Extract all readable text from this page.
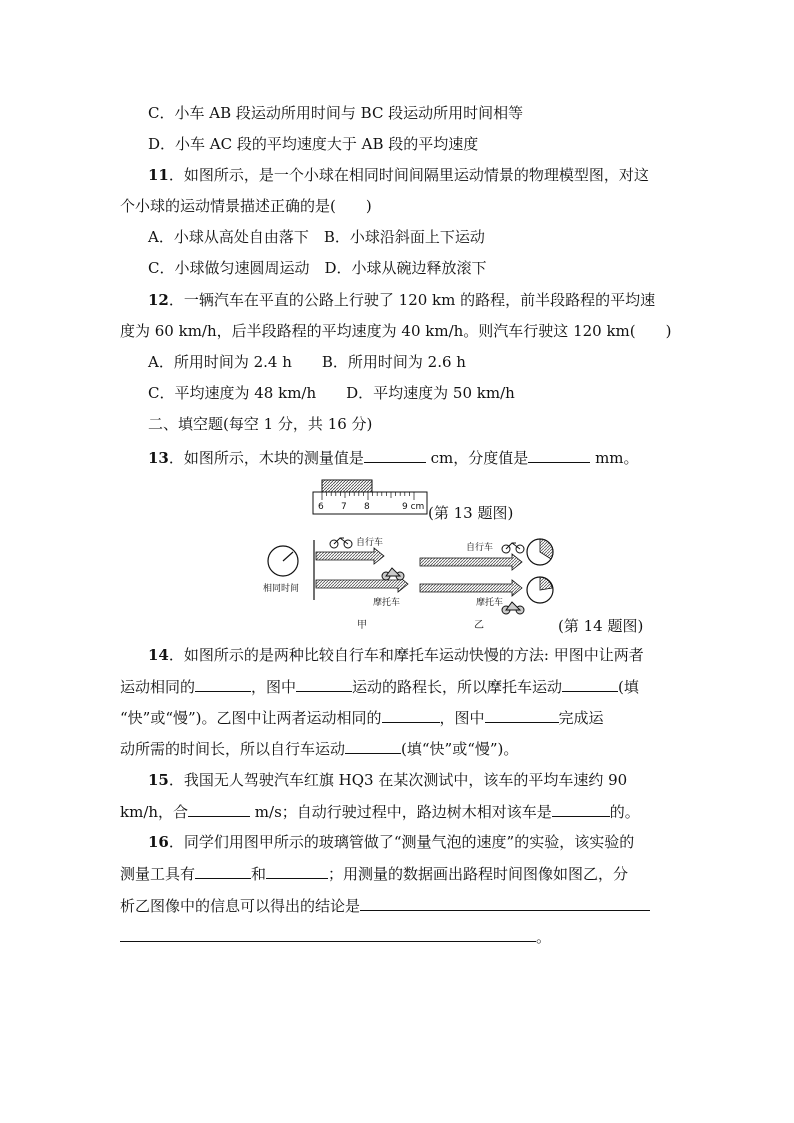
C．小车 AB 段运动所用时间与 BC 段运动所用时间相等
D．小车 AC 段的平均速度大于 AB 段的平均速度
11．如图所示，是一个小球在相同时间间隔里运动情景的物理模型图，对这
个小球的运动情景描述正确的是(　　)
A．小球从高处自由落下　B．小球沿斜面上下运动
C．小球做匀速圆周运动　D．小球从碗边释放滚下
12．一辆汽车在平直的公路上行驶了 120 km 的路程，前半段路程的平均速
度为 60 km/h，后半段路程的平均速度为 40 km/h。则汽车行驶这 120 km(　　)
A．所用时间为 2.4 h　　B．所用时间为 2.6 h
C．平均速度为 48 km/h　　D．平均速度为 50 km/h
二、填空题(每空 1 分，共 16 分)
13．如图所示，木块的测量值是	cm，分度值是	mm。
6 7 8	9 cm (第 13 题图)
相同时间
自行车
摩托车
自行车
摩托车
甲	乙	(第 14 题图)
14．如图所示的是两种比较自行车和摩托车运动快慢的方法: 甲图中让两者
运动相同的	，图中	运动的路程长，所以摩托车运动	(填
“快”或“慢”)。乙图中让两者运动相同的	，图中	完成运
动所需的时间长，所以自行车运动	(填“快”或“慢”)。
15．我国无人驾驶汽车红旗 HQ3 在某次测试中，该车的平均车速约 90
km/h，合	m/s；自动行驶过程中，路边树木相对该车是	的。
16．同学们用图甲所示的玻璃管做了“测量气泡的速度”的实验，该实验的
测量工具有	和	；用测量的数据画出路程时间图像如图乙，分
析乙图像中的信息可以得出的结论是
。
